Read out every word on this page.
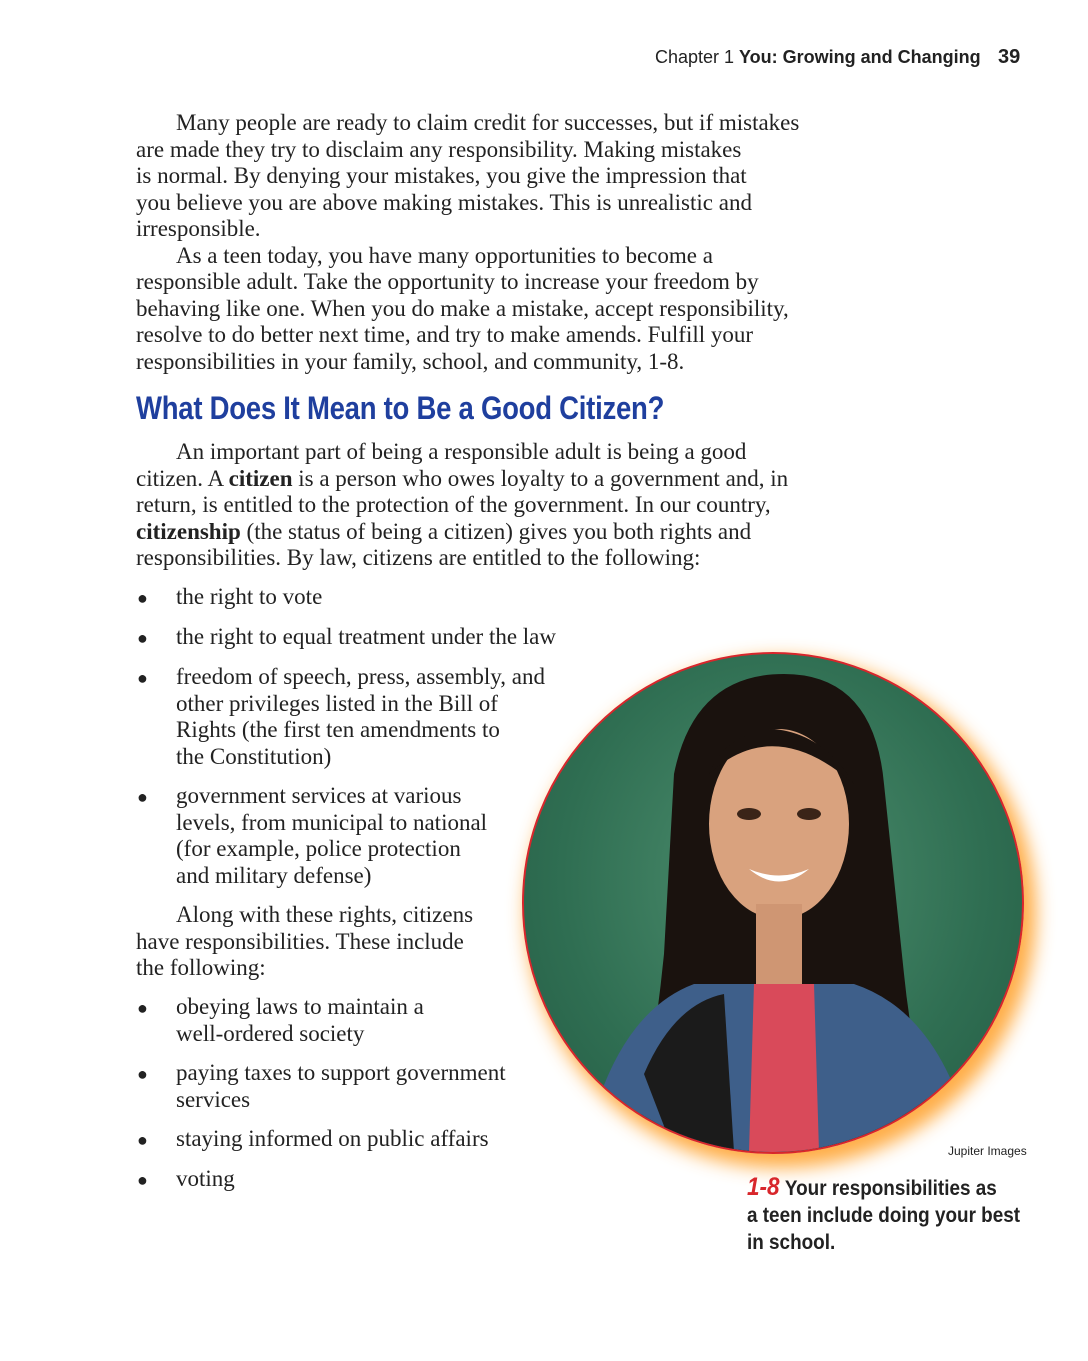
Chapter 1 You: Growing and Changing 39
Many people are ready to claim credit for successes, but if mistakes
are made they try to disclaim any responsibility. Making mistakes
is normal. By denying your mistakes, you give the impression that
you believe you are above making mistakes. This is unrealistic and
irresponsible.
As a teen today, you have many opportunities to become a
responsible adult. Take the opportunity to increase your freedom by
behaving like one. When you do make a mistake, accept responsibility,
resolve to do better next time, and try to make amends. Fulfill your
responsibilities in your family, school, and community, 1-8.
What Does It Mean to Be a Good Citizen?
An important part of being a responsible adult is being a good
citizen. A citizen is a person who owes loyalty to a government and, in
return, is entitled to the protection of the government. In our country,
citizenship (the status of being a citizen) gives you both rights and
responsibilities. By law, citizens are entitled to the following:
● the right to vote
● the right to equal treatment under the law
● freedom of speech, press, assembly, and
other privileges listed in the Bill of
Rights (the first ten amendments to
the Constitution)
● government services at various
levels, from municipal to national
(for example, police protection
and military defense)
Along with these rights, citizens
have responsibilities. These include
the following:
● obeying laws to maintain a
well-ordered society
● paying taxes to support government
services
● staying informed on public affairs
● voting
Jupiter Images
1-8 Your responsibilities as
a teen include doing your best
in school.
